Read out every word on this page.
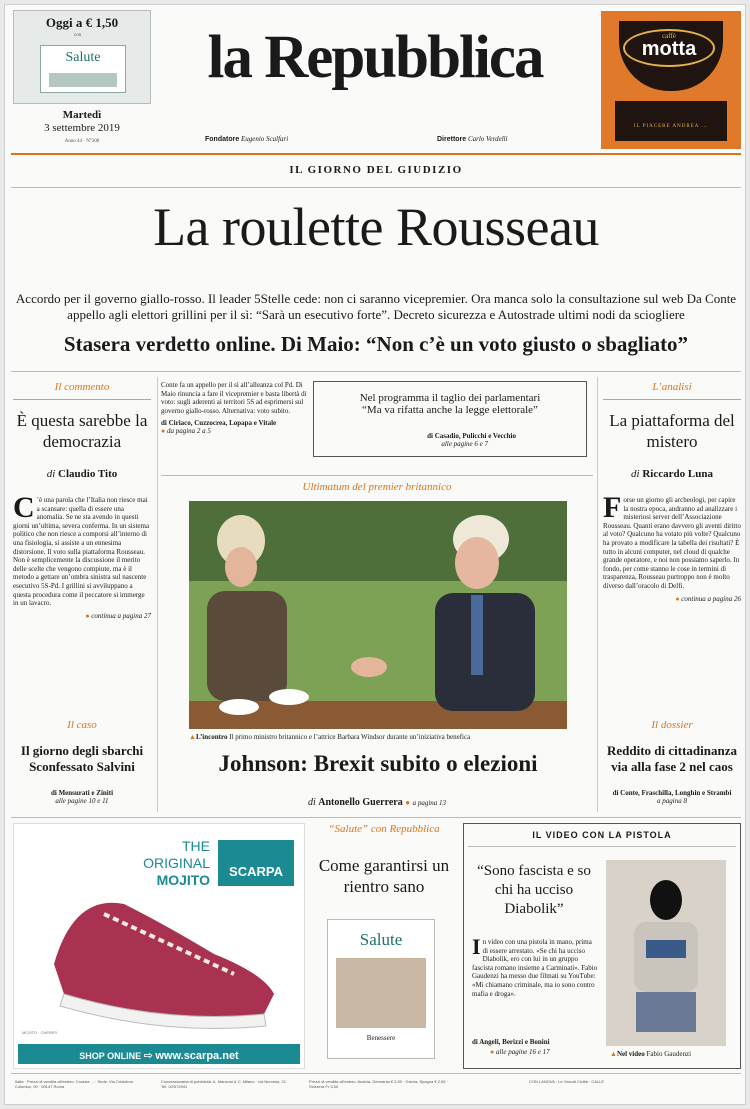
Oggi a € 1,50
con
Salute
Martedì
3 settembre 2019
Anno 44 · N°208
la Repubblica
Fondatore Eugenio Scalfari	Direttore Carlo Verdelli
caffè
motta
IL PIACERE ANDREA ...
IL GIORNO DEL GIUDIZIO
La roulette Rousseau
Accordo per il governo giallo-rosso. Il leader 5Stelle cede: non ci saranno vicepremier. Ora manca solo la consultazione sul web Da Conte appello agli elettori grillini per il sì: “Sarà un esecutivo forte”. Decreto sicurezza e Autostrade ultimi nodi da sciogliere
Stasera verdetto online. Di Maio: “Non c’è un voto giusto o sbagliato”
Il commento
È questa sarebbe la democrazia
di Claudio Tito
C ’è una parola che l’Italia non riesce mai a scansare: quella di essere una anomalia. Se ne sta avendo in questi giorni un’ultima, severa conferma. In un sistema politico che non riesce a comporsi all’interno di una fisiologia, si assiste a un ennesima distorsione. Il voto sulla piattaforma Rousseau. Non è semplicemente la discussione il merito delle scelte che vengono compiute, ma è il metodo a gettare un’ombra sinistra sul nascente esecutivo 5S-Pd. I grillini si avviluppano a questa procedura come il peccatore si immerge in un lavacro.
● continua a pagina 27
Il caso
Il giorno degli sbarchi Sconfessato Salvini
di Mensurati e Ziniti
alle pagine 10 e 11
Conte fa un appello per il sì all’alleanza col Pd. Di Maio rinuncia a fare il vicepremier e basta libertà di voto: sugli aderenti ai territori 5S ad esprimersi sul governo giallo-rosso. Alternativa: voto subito.
di Ciriaco, Cuzzocrea, Lopapa e Vitale
● da pagina 2 a 5
Nel programma il taglio dei parlamentari
“Ma va rifatta anche la legge elettorale”
di Casadio, Pulicchi e Vecchio
alle pagine 6 e 7
L’analisi
La piattaforma del mistero
di Riccardo Luna
Forse un giorno gli archeologi, per capire la nostra epoca, andranno ad analizzare i misteriosi server dell’Associazione Rousseau. Quanti erano davvero gli aventi diritto al voto? Qualcuno ha votato più volte? Qualcuno ha provato a modificare la tabella dei risultati? È tutto in alcuni computer, nel cloud di qualche grande operatore, e noi non possiamo saperlo. In fondo, per come stanno le cose in termini di trasparenza, Rousseau purtroppo non è molto diverso dall’oracolo di Delfi.
● continua a pagina 26
Il dossier
Reddito di cittadinanza via alla fase 2 nel caos
di Conte, Fraschilla, Longhin e Strambi
a pagina 8
Ultimatum del premier britannico
▲L’incontro Il primo ministro britannico e l’attrice Barbara Windsor durante un’iniziativa benefica
Johnson: Brexit subito o elezioni
di Antonello Guerrera ● a pagina 13
THE
ORIGINAL
MOJITO
SCARPA
MOJITO · CHERRY
SHOP ONLINE ⇨ www.scarpa.net
“Salute” con Repubblica
Come garantirsi un rientro sano
Salute
Benessere
IL VIDEO CON LA PISTOLA
“Sono fascista e so chi ha ucciso Diabolik”
In video con una pistola in mano, prima di essere arrestato. «Se chi ha ucciso Diabolik, ero con lui in un gruppo fascista romano insieme a Carminati». Fabio Gaudenzi ha messo due filmati su YouTube: «Mi chiamano criminale, ma io sono contro mafia e droga».
di Angeli, Berizzi e Bonini
● alle pagine 16 e 17	▲Nel video Fabio Gaudenzi
Italia · Prezzi di vendita all’estero: Croazia ... · Sede: Via Cristoforo Colombo, 90 · 00147 Roma
Concessionaria di pubblicità: A. Manzoni & C. Milano · via Nervesa, 21 · Tel. 02/574941
Prezzi di vendita all’estero: Austria, Germania € 2,50 · Grecia, Spagna € 2,50 · Svizzera Fr 3,50
CON LANOVA · Le Grandi Civiltà · CALLE
